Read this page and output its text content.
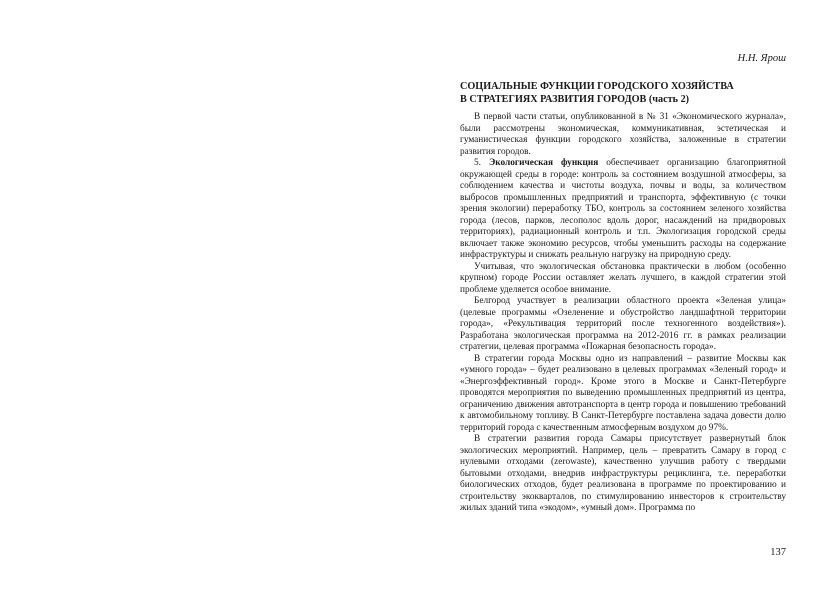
Н.Н. Ярош

СОЦИАЛЬНЫЕ ФУНКЦИИ ГОРОДСКОГО ХОЗЯЙСТВА
В СТРАТЕГИЯХ РАЗВИТИЯ ГОРОДОВ (часть 2)

В первой части статьи, опубликованной в № 31 «Экономического журнала», были рассмотрены экономическая, коммуникативная, эстетическая и гуманистическая функции городского хозяйства, заложенные в стратегии развития городов.

5. Экологическая функция обеспечивает организацию благоприятной окружающей среды в городе: контроль за состоянием воздушной атмосферы, за соблюдением качества и чистоты воздуха, почвы и воды, за количеством выбросов промышленных предприятий и транспорта, эффективную (с точки зрения экологии) переработку ТБО, контроль за состоянием зеленого хозяйства города (лесов, парков, лесополос вдоль дорог, насаждений на придворовых территориях), радиационный контроль и т.п. Экологизация городской среды включает также экономию ресурсов, чтобы уменьшить расходы на содержание инфраструктуры и снижать реальную нагрузку на природную среду.

Учитывая, что экологическая обстановка практически в любом (особенно крупном) городе России оставляет желать лучшего, в каждой стратегии этой проблеме уделяется особое внимание.

Белгород участвует в реализации областного проекта «Зеленая улица» (целевые программы «Озеленение и обустройство ландшафтной территории города», «Рекультивация территорий после техногенного воздействия»). Разработана экологическая программа на 2012-2016 гг. в рамках реализации стратегии, целевая программа «Пожарная безопасность города».

В стратегии города Москвы одно из направлений – развитие Москвы как «умного города» – будет реализовано в целевых программах «Зеленый город» и «Энергоэффективный город». Кроме этого в Москве и Санкт-Петербурге проводятся мероприятия по выведению промышленных предприятий из центра, ограничению движения автотранспорта в центр города и повышению требований к автомобильному топливу. В Санкт-Петербурге поставлена задача довести долю территорий города с качественным атмосферным воздухом до 97%.

В стратегии развития города Самары присутствует развернутый блок экологических мероприятий. Например, цель – превратить Самару в город с нулевыми отходами (zerowaste), качественно улучшив работу с твердыми бытовыми отходами, внедрив инфраструктуры рециклинга, т.е. переработки биологических отходов, будет реализована в программе по проектированию и строительству экокварталов, по стимулированию инвесторов к строительству жилых зданий типа «экодом», «умный дом». Программа по

137
